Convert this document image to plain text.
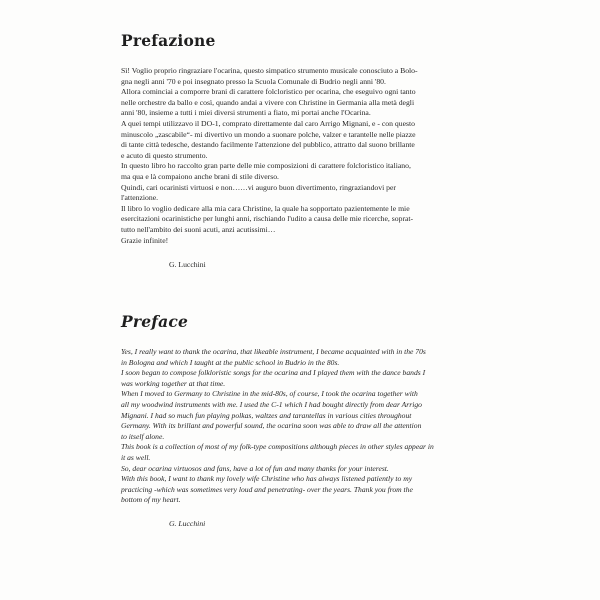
Prefazione

Sì! Voglio proprio ringraziare l'ocarina, questo simpatico strumento musicale conosciuto a Bolo-

gna negli anni '70 e poi insegnato presso la Scuola Comunale di Budrio negli anni '80.

Allora cominciai a comporre brani di carattere folcloristico per ocarina, che eseguivo ogni tanto

nelle orchestre da ballo e così, quando andai a vivere con Christine in Germania alla metà degli

anni '80, insieme a tutti i miei diversi strumenti a fiato, mi portai anche l'Ocarina.

A quei tempi utilizzavo il DO-1, comprato direttamente dal caro Arrigo Mignani, e - con questo

minuscolo „zascabile“- mi divertivo un mondo a suonare polche, valzer e tarantelle nelle piazze

di tante città tedesche, destando facilmente l'attenzione del pubblico, attratto dal suono brillante

e acuto di questo strumento.

In questo libro ho raccolto gran parte delle mie composizioni di carattere folcloristico italiano,

ma qua e là compaiono anche brani di stile diverso.

Quindi, cari ocarinisti virtuosi e non……vi auguro buon divertimento, ringraziandovi per

l'attenzione.

Il libro lo voglio dedicare alla mia cara Christine, la quale ha sopportato pazientemente le mie

esercitazioni ocarinistiche per lunghi anni, rischiando l'udito a causa delle mie ricerche, soprat-

tutto nell'ambito dei suoni acuti, anzi acutissimi…

Grazie infinite!

G. Lucchini
Preface

Yes, I really want to thank the ocarina, that likeable instrument, I became acquainted with in the 70s

in Bologna and which I taught at the public school in Budrio in the 80s.

I soon began to compose folkloristic songs for the ocarina and I played them with the dance bands I

was working together at that time.

When I moved to Germany to Christine in the mid-80s, of course, I took the ocarina together with

all my woodwind instruments with me. I used the C-1 which I had bought directly from dear Arrigo

Mignani. I had so much fun playing polkas, waltzes and tarantellas in various cities throughout

Germany. With its brillant and powerful sound, the ocarina soon was able to draw all the attention

to itself alone.

This book is a collection of most of my folk-type compositions although pieces in other styles appear in

it as well.

So, dear ocarina virtuosos and fans, have a lot of fun and many thanks for your interest.

With this book, I want to thank my lovely wife Christine who has always listened patiently to my

practicing -which was sometimes very loud and penetrating- over the years. Thank you from the

bottom of my heart.

G. Lucchini
